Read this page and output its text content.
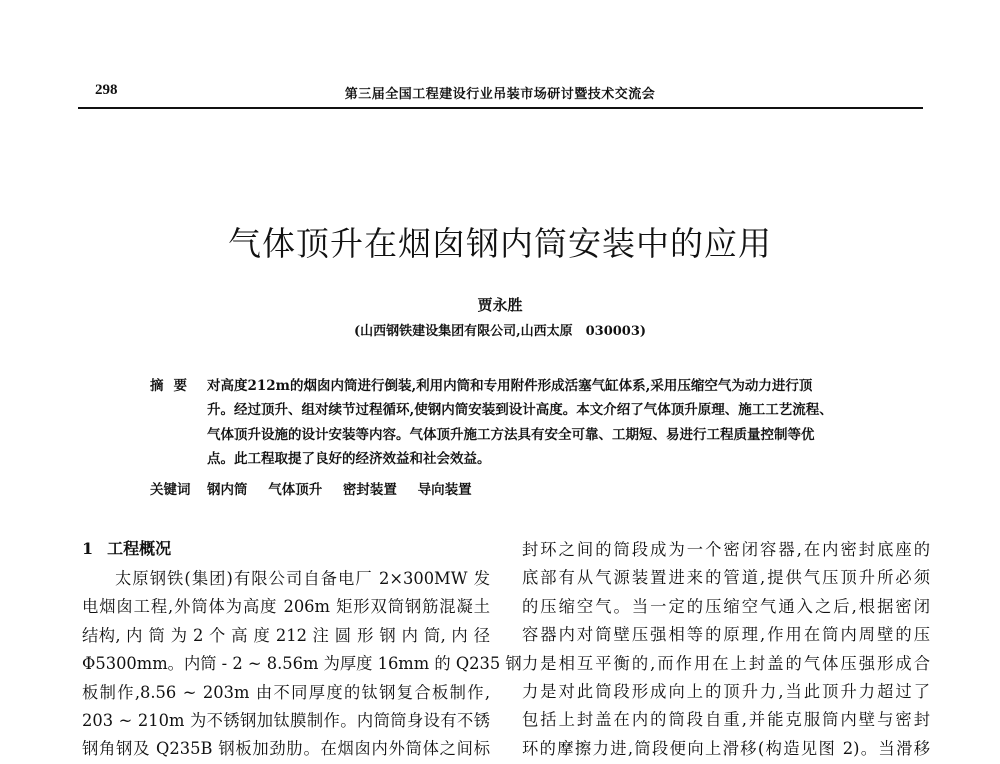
298	第三届全国工程建设行业吊装市场研讨暨技术交流会
气体顶升在烟囱钢内筒安装中的应用
贾永胜
(山西钢铁建设集团有限公司,山西太原　030003)
摘要 对高度212m的烟囱内筒进行倒装,利用内筒和专用附件形成活塞气缸体系,采用压缩空气为动力进行顶
升。经过顶升、组对续节过程循环,使钢内筒安装到设计高度。本文介绍了气体顶升原理、施工工艺流程、
气体顶升设施的设计安装等内容。气体顶升施工方法具有安全可靠、工期短、易进行工程质量控制等优
点。此工程取提了良好的经济效益和社会效益。
关键词 钢内筒 气体顶升 密封装置 导向装置
1 工程概况
太原钢铁(集团)有限公司自备电厂 2×300MW 发
电烟囱工程,外筒体为高度 206m 矩形双筒钢筋混凝土
结构, 内 筒 为 2 个 高 度 212 注 圆 形 钢 内 筒, 内 径
Φ5300mm。内筒 - 2 ~ 8.56m 为厚度 16mm 的 Q235 钢
板制作,8.56 ~ 203m 由不同厚度的钛钢复合板制作,
203 ~ 210m 为不锈钢加钛膜制作。内筒筒身设有不锈
钢角钢及 Q235B 钢板加劲肋。在烟囱内外筒体之间标
封环之间的筒段成为一个密闭容器,在内密封底座的
底部有从气源装置进来的管道,提供气压顶升所必须
的压缩空气。当一定的压缩空气通入之后,根据密闭
容器内对筒壁压强相等的原理,作用在筒内周壁的压
力是相互平衡的,而作用在上封盖的气体压强形成合
力是对此筒段形成向上的顶升力,当此顶升力超过了
包括上封盖在内的筒段自重,并能克服筒内壁与密封
环的摩擦力进,筒段便向上滑移(构造见图 2)。当滑移
